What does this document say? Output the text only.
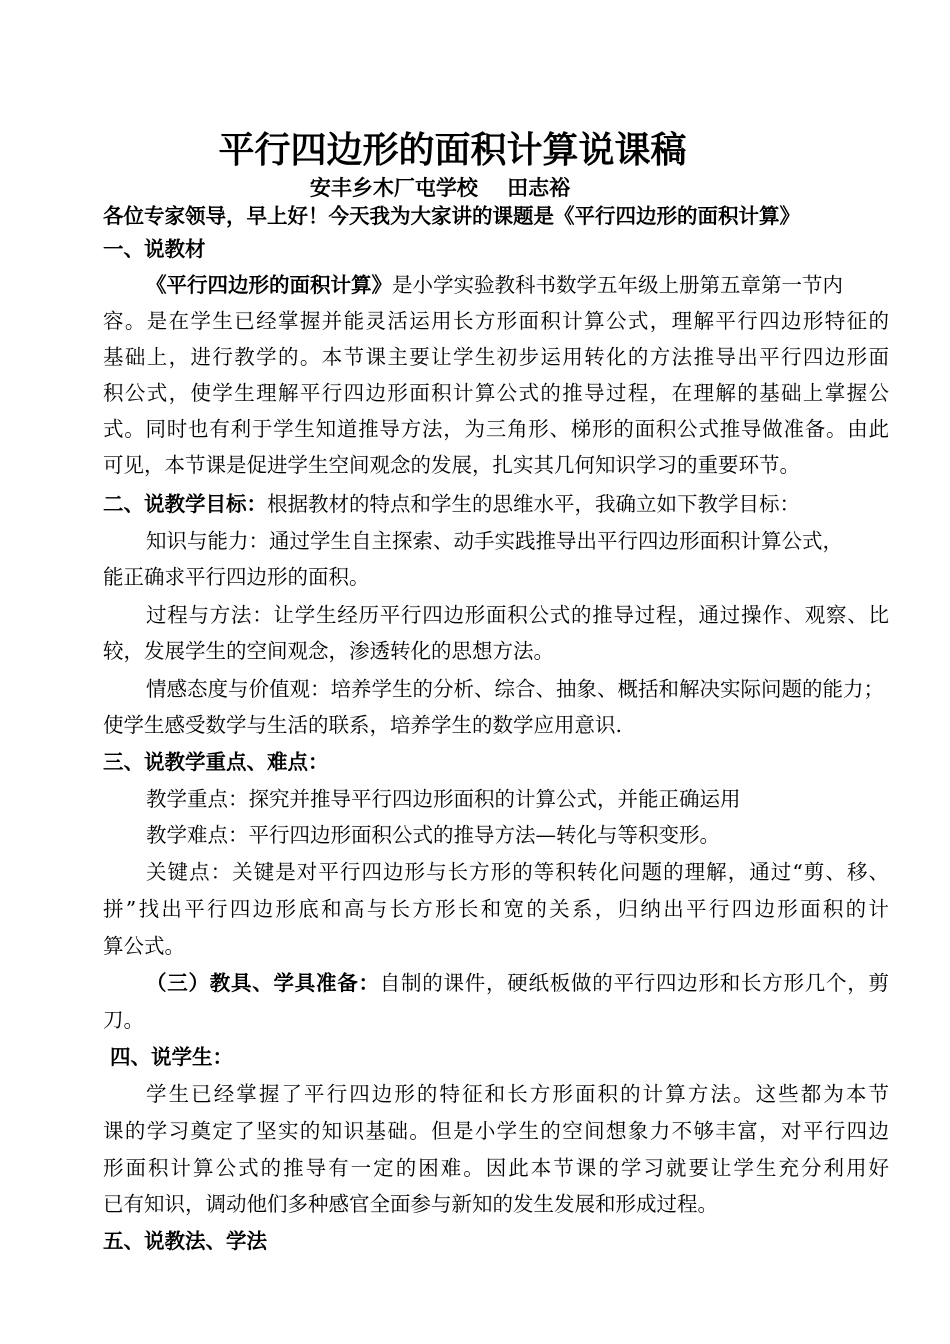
平行四边形的面积计算说课稿
安丰乡木厂屯学校    田志裕
各位专家领导，早上好！今天我为大家讲的课题是《平行四边形的面积计算》
一、说教材
《平行四边形的面积计算》是小学实验教科书数学五年级上册第五章第一节内
容。是在学生已经掌握并能灵活运用长方形面积计算公式，理解平行四边形特征的
基础上，进行教学的。本节课主要让学生初步运用转化的方法推导出平行四边形面
积公式，使学生理解平行四边形面积计算公式的推导过程，在理解的基础上掌握公
式。同时也有利于学生知道推导方法，为三角形、梯形的面积公式推导做准备。由此
可见，本节课是促进学生空间观念的发展，扎实其几何知识学习的重要环节。
二、说教学目标：根据教材的特点和学生的思维水平，我确立如下教学目标：
知识与能力：通过学生自主探索、动手实践推导出平行四边形面积计算公式，
能正确求平行四边形的面积。
过程与方法：让学生经历平行四边形面积公式的推导过程，通过操作、观察、比
较，发展学生的空间观念，渗透转化的思想方法。
情感态度与价值观：培养学生的分析、综合、抽象、概括和解决实际问题的能力；
使学生感受数学与生活的联系，培养学生的数学应用意识.
三、说教学重点、难点：
教学重点：探究并推导平行四边形面积的计算公式，并能正确运用
教学难点：平行四边形面积公式的推导方法—转化与等积变形。
关键点：关键是对平行四边形与长方形的等积转化问题的理解，通过“剪、移、
拼”找出平行四边形底和高与长方形长和宽的关系，归纳出平行四边形面积的计
算公式。
（三）教具、学具准备：自制的课件，硬纸板做的平行四边形和长方形几个，剪
刀。
四、说学生：
学生已经掌握了平行四边形的特征和长方形面积的计算方法。这些都为本节
课的学习奠定了坚实的知识基础。但是小学生的空间想象力不够丰富，对平行四边
形面积计算公式的推导有一定的困难。因此本节课的学习就要让学生充分利用好
已有知识，调动他们多种感官全面参与新知的发生发展和形成过程。
五、说教法、学法
